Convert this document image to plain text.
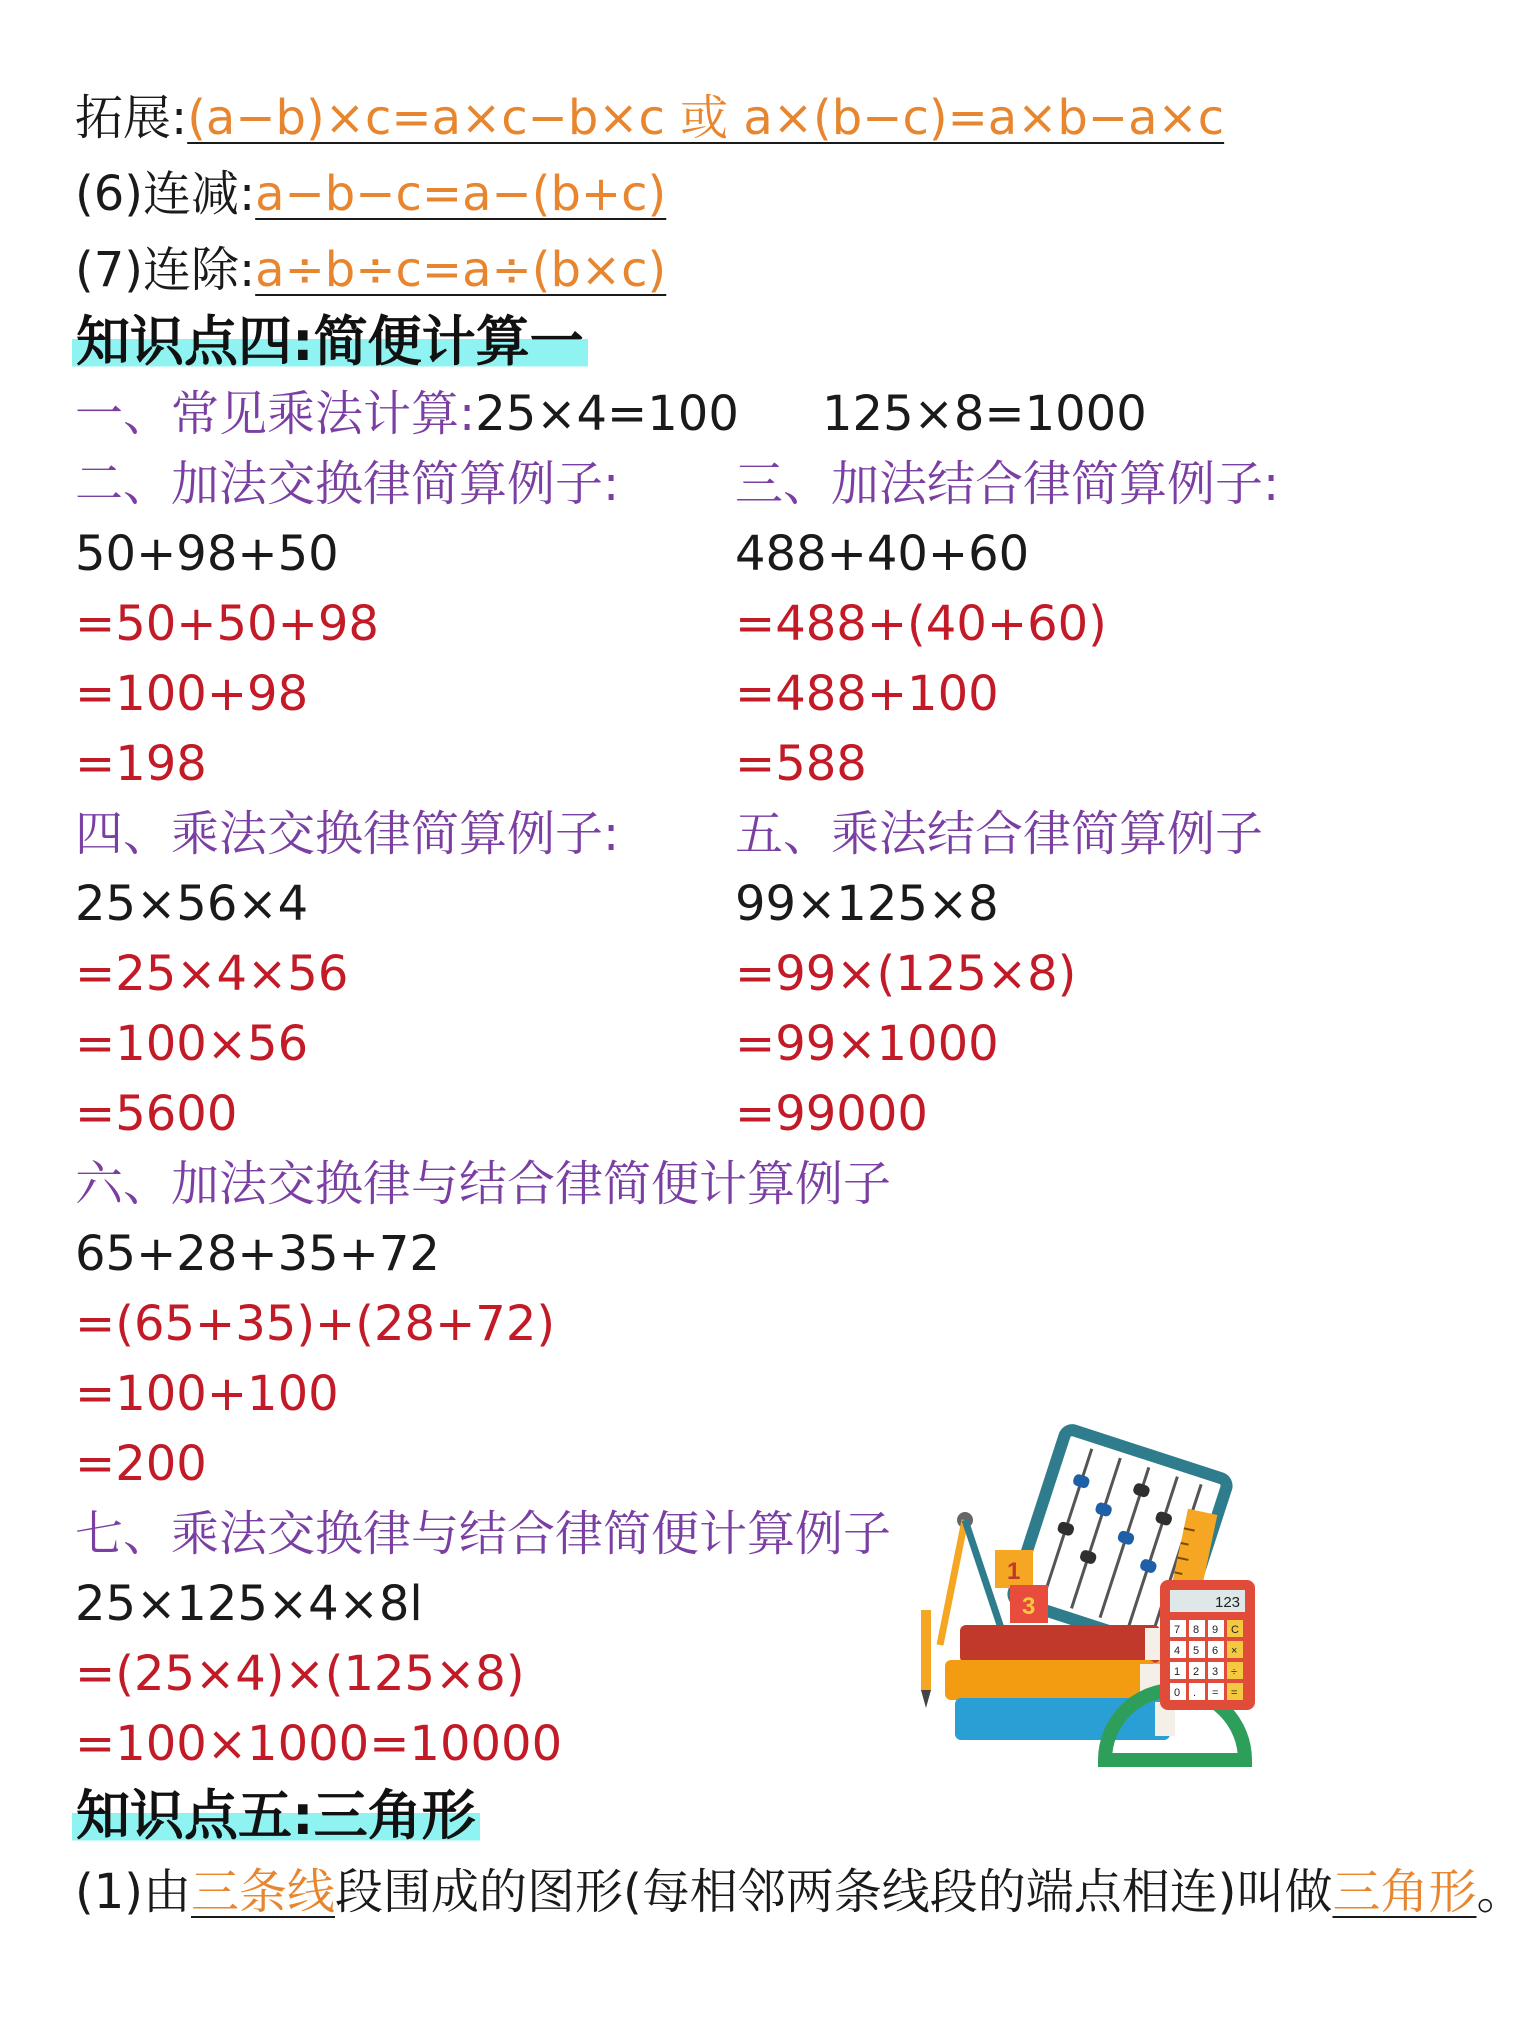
拓展:(a−b)×c=a×c−b×c 或 a×(b−c)=a×b−a×c
(6)连减:a−b−c=a−(b+c)
(7)连除:a÷b÷c=a÷(b×c)
知识点四:简便计算一
一、常见乘法计算:25×4=100 125×8=1000
二、加法交换律简算例子:
50+98+50
=50+50+98
=100+98
=198
三、加法结合律简算例子:
488+40+60
=488+(40+60)
=488+100
=588
四、乘法交换律简算例子:
25×56×4
=25×4×56
=100×56
=5600
五、乘法结合律简算例子
99×125×8
=99×(125×8)
=99×1000
=99000
六、加法交换律与结合律简便计算例子
65+28+35+72
=(65+35)+(28+72)
=100+100
=200
七、乘法交换律与结合律简便计算例子
25×125×4×8l
=(25×4)×(125×8)
=100×1000=10000
知识点五:三角形
(1)由三条线段围成的图形(每相邻两条线段的端点相连)叫做三角形。
1
3	123
7 8 9 C
4 5 6 ×
1 2 3 ÷
0 . = =
